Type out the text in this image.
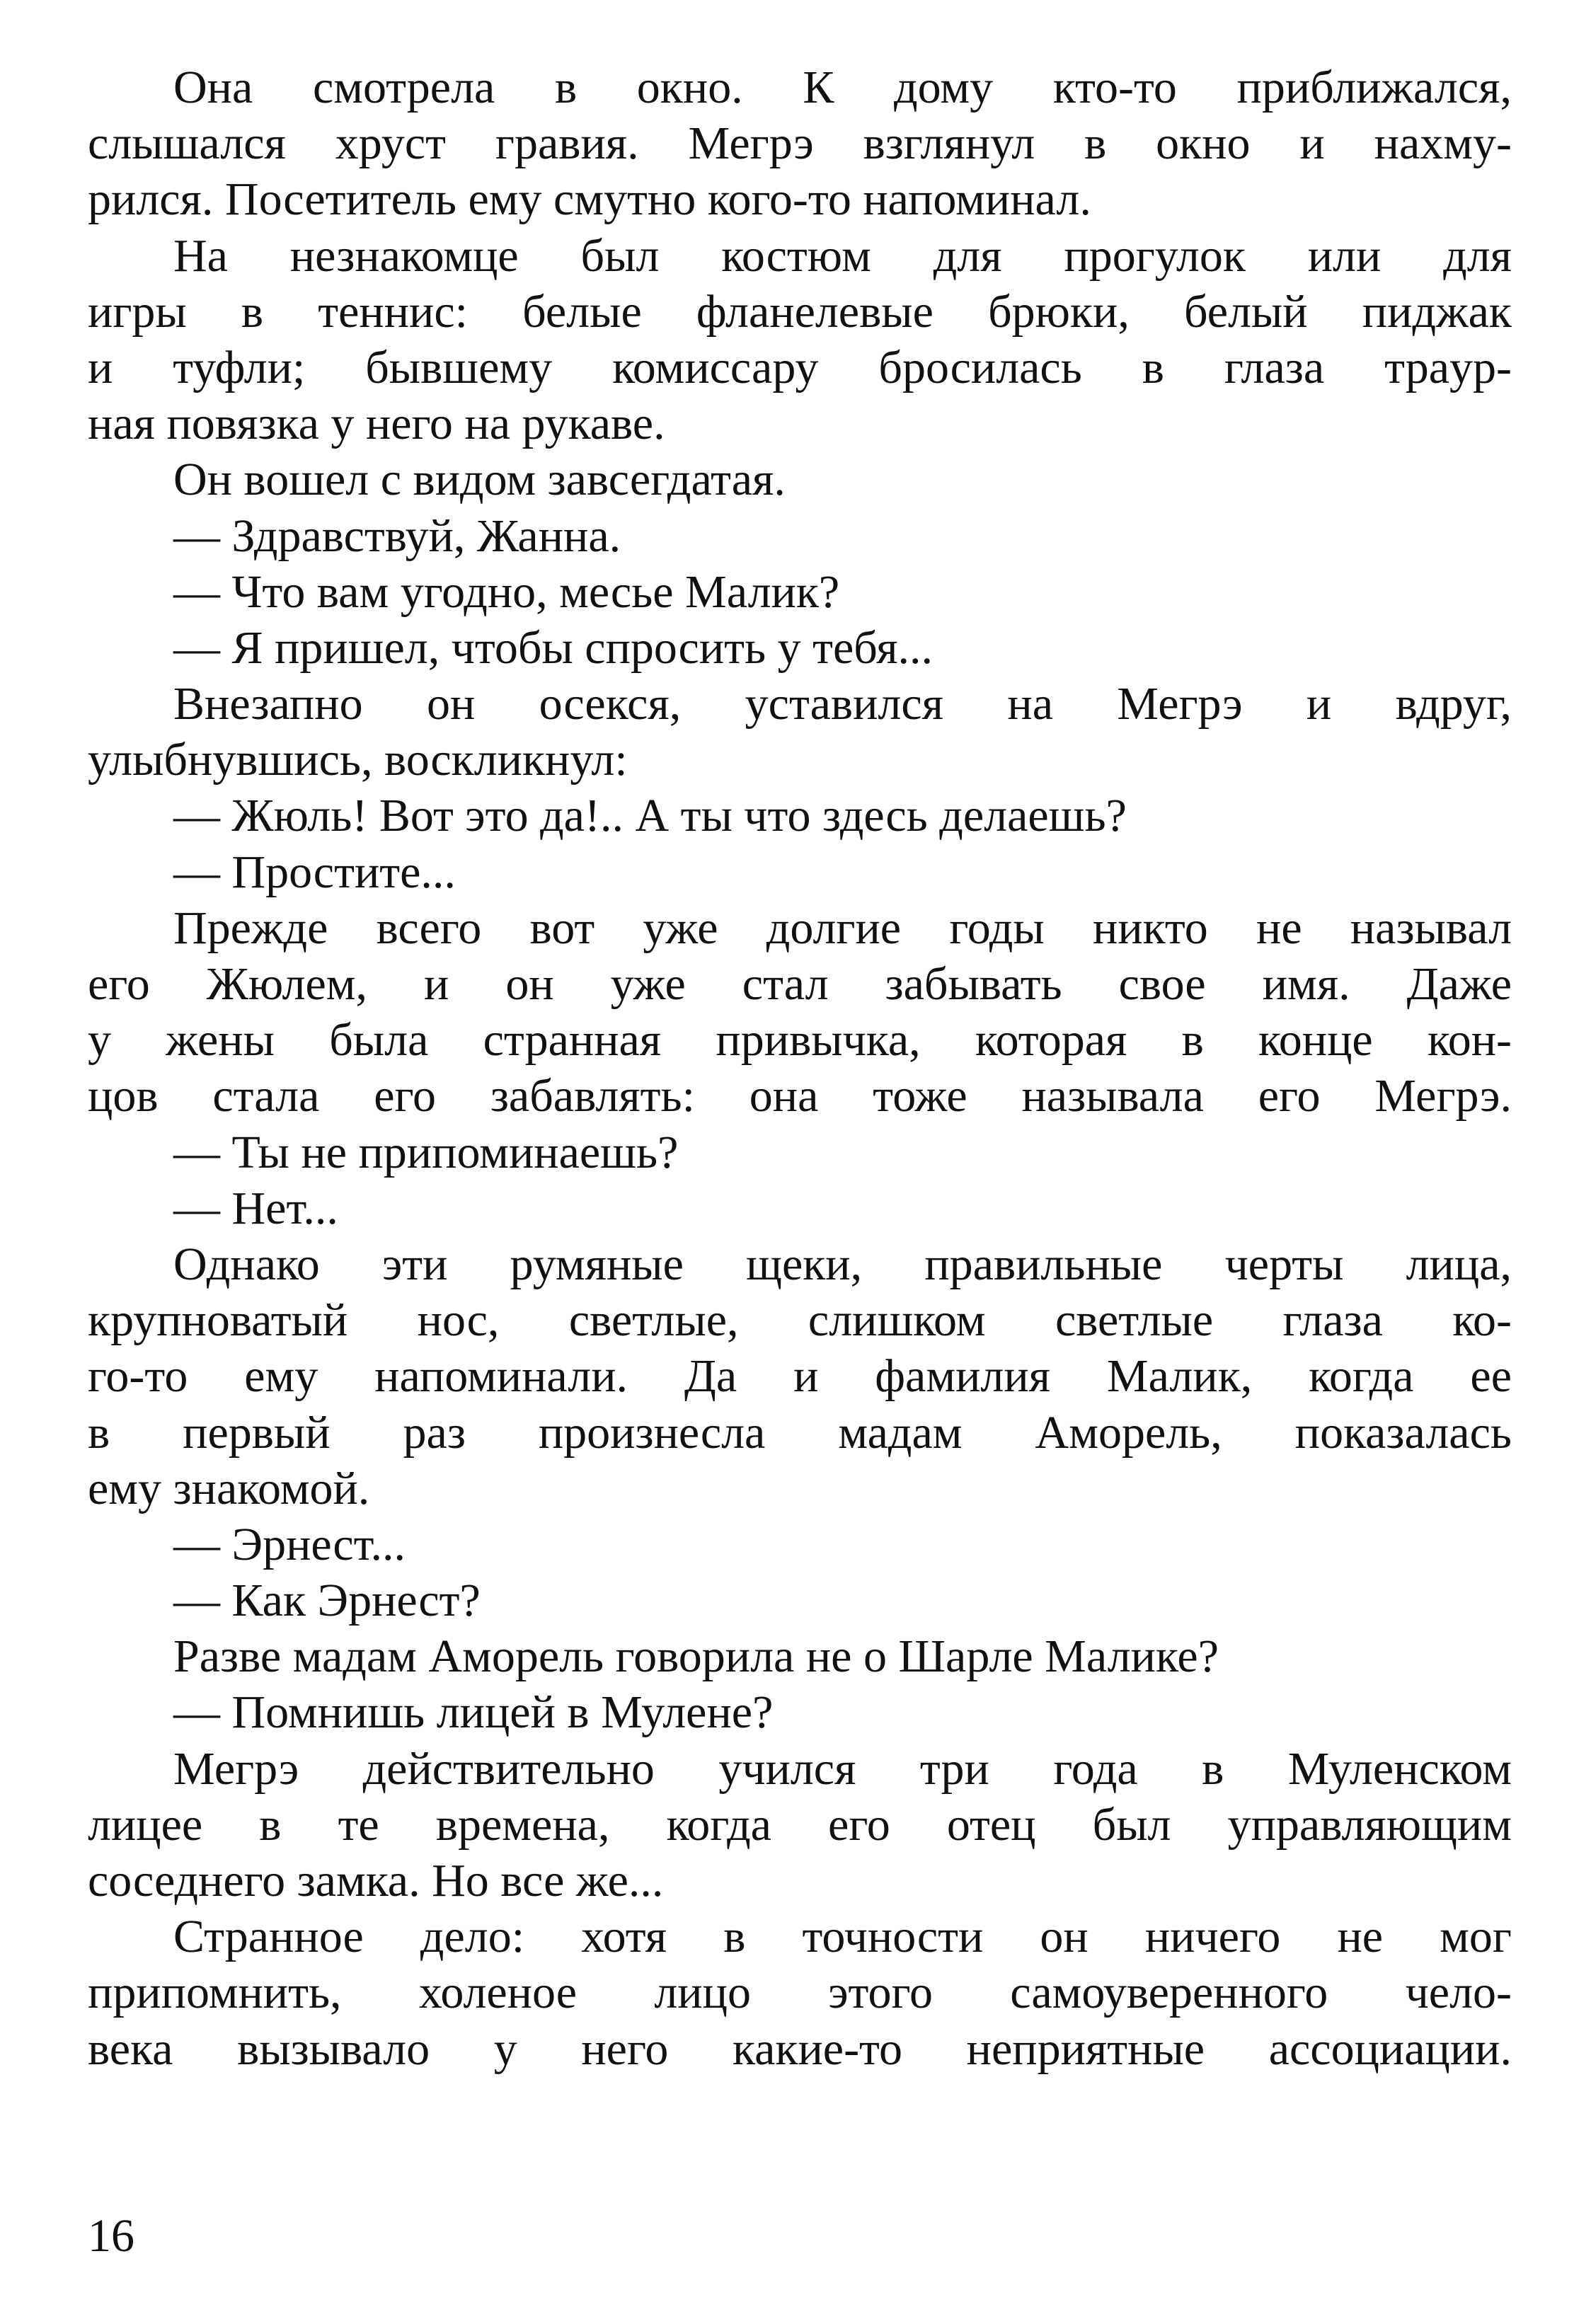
Она смотрела в окно. К дому кто-то приближался,
слышался хруст гравия. Мегрэ взглянул в окно и нахму-
рился. Посетитель ему смутно кого-то напоминал.
На незнакомце был костюм для прогулок или для
игры в теннис: белые фланелевые брюки, белый пиджак
и туфли; бывшему комиссару бросилась в глаза трaур-
ная повязка у него на рукаве.
Он вошел с видом завсегдатая.
— Здравствуй, Жанна.
— Что вам угодно, месье Малик?
— Я пришел, чтобы спросить у тебя...
Внезапно он осекся, уставился на Мегрэ и вдруг,
улыбнувшись, воскликнул:
— Жюль! Вот это да!.. А ты что здесь делаешь?
— Простите...
Прежде всего вот уже долгие годы никто не называл
его Жюлем, и он уже стал забывать свое имя. Даже
у жены была странная привычка, которая в конце кон-
цов стала его забавлять: она тоже называла его Мегрэ.
— Ты не припоминаешь?
— Нет...
Однако эти румяные щеки, правильные черты лица,
крупноватый нос, светлые, слишком светлые глаза ко-
го-то ему напоминали. Да и фамилия Малик, когда ее
в первый раз произнесла мадам Аморель, показалась
ему знакомой.
— Эрнест...
— Как Эрнест?
Разве мадам Аморель говорила не о Шарле Малике?
— Помнишь лицей в Мулене?
Мегрэ действительно учился три года в Муленском
лицее в те времена, когда его отец был управляющим
соседнего замка. Но все же...
Странное дело: хотя в точности он ничего не мог
припомнить, холеное лицо этого самоуверенного чело-
века вызывало у него какие-то неприятные ассоциации.
16
